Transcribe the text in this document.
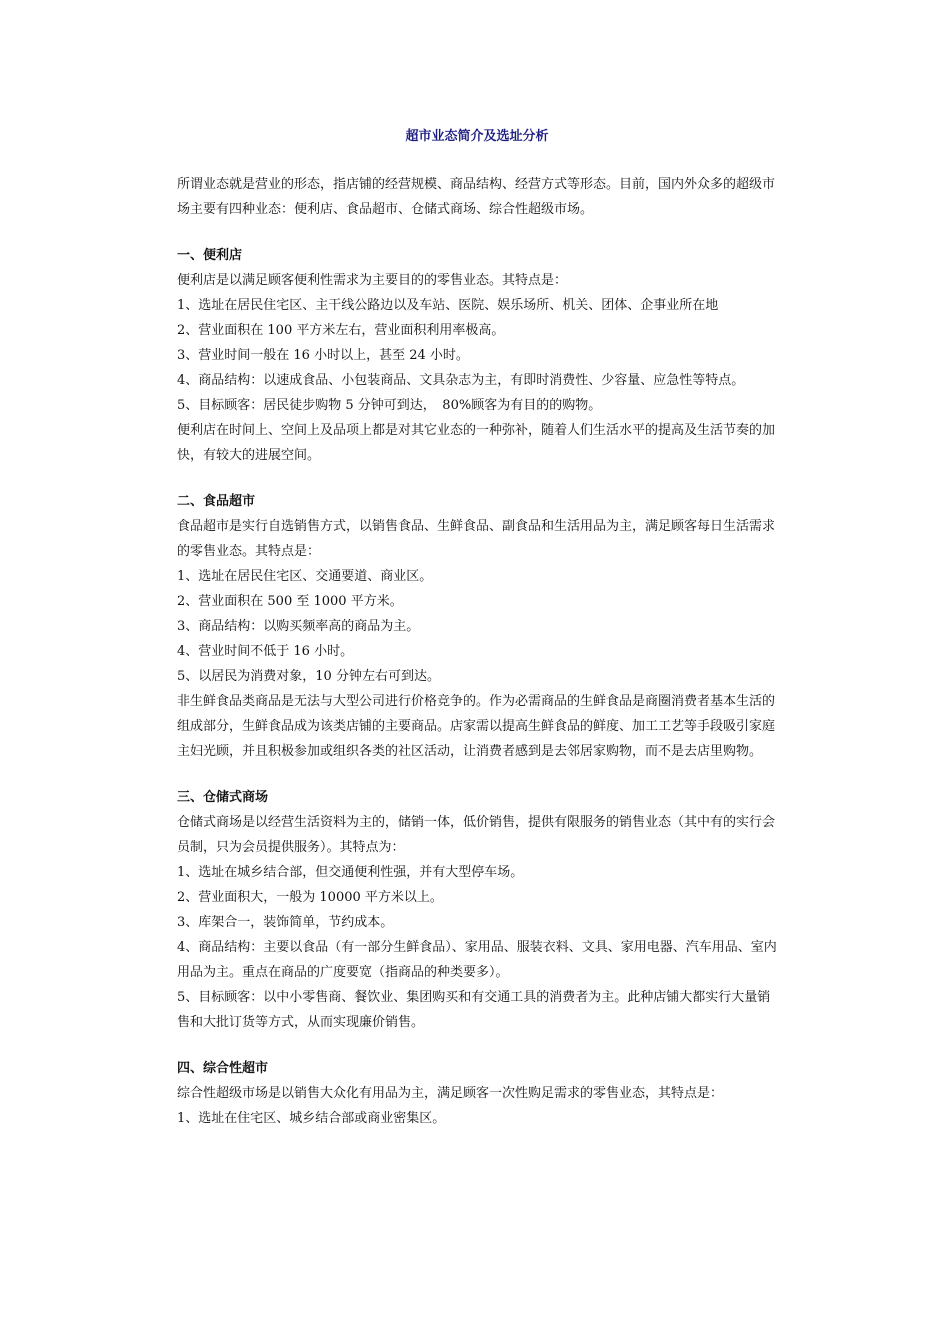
超市业态简介及选址分析

所谓业态就是营业的形态，指店铺的经营规模、商品结构、经营方式等形态。目前，国内外众多的超级市场主要有四种业态：便利店、食品超市、仓储式商场、综合性超级市场。

一、便利店

便利店是以满足顾客便利性需求为主要目的的零售业态。其特点是：

1、选址在居民住宅区、主干线公路边以及车站、医院、娱乐场所、机关、团体、企事业所在地

2、营业面积在 100 平方米左右，营业面积利用率极高。

3、营业时间一般在 16 小时以上，甚至 24 小时。

4、商品结构：以速成食品、小包装商品、文具杂志为主，有即时消费性、少容量、应急性等特点。

5、目标顾客：居民徒步购物 5 分钟可到达，　80%顾客为有目的的购物。

便利店在时间上、空间上及品项上都是对其它业态的一种弥补，随着人们生活水平的提高及生活节奏的加快，有较大的进展空间。

二、食品超市

食品超市是实行自选销售方式，以销售食品、生鲜食品、副食品和生活用品为主，满足顾客每日生活需求的零售业态。其特点是：

1、选址在居民住宅区、交通要道、商业区。

2、营业面积在 500 至 1000 平方米。

3、商品结构：以购买频率高的商品为主。

4、营业时间不低于 16 小时。

5、以居民为消费对象，10 分钟左右可到达。

非生鲜食品类商品是无法与大型公司进行价格竞争的。作为必需商品的生鲜食品是商圈消费者基本生活的组成部分，生鲜食品成为该类店铺的主要商品。店家需以提高生鲜食品的鲜度、加工工艺等手段吸引家庭主妇光顾，并且积极参加或组织各类的社区活动，让消费者感到是去邻居家购物，而不是去店里购物。

三、仓储式商场

仓储式商场是以经营生活资料为主的，储销一体，低价销售，提供有限服务的销售业态（其中有的实行会员制，只为会员提供服务）。其特点为：

1、选址在城乡结合部，但交通便利性强，并有大型停车场。

2、营业面积大，一般为 10000 平方米以上。

3、库架合一，装饰简单，节约成本。

4、商品结构：主要以食品（有一部分生鲜食品）、家用品、服装衣料、文具、家用电器、汽车用品、室内用品为主。重点在商品的广度要宽（指商品的种类要多）。

5、目标顾客：以中小零售商、餐饮业、集团购买和有交通工具的消费者为主。此种店铺大都实行大量销售和大批订货等方式，从而实现廉价销售。

四、综合性超市

综合性超级市场是以销售大众化有用品为主，满足顾客一次性购足需求的零售业态，其特点是：

1、选址在住宅区、城乡结合部或商业密集区。
